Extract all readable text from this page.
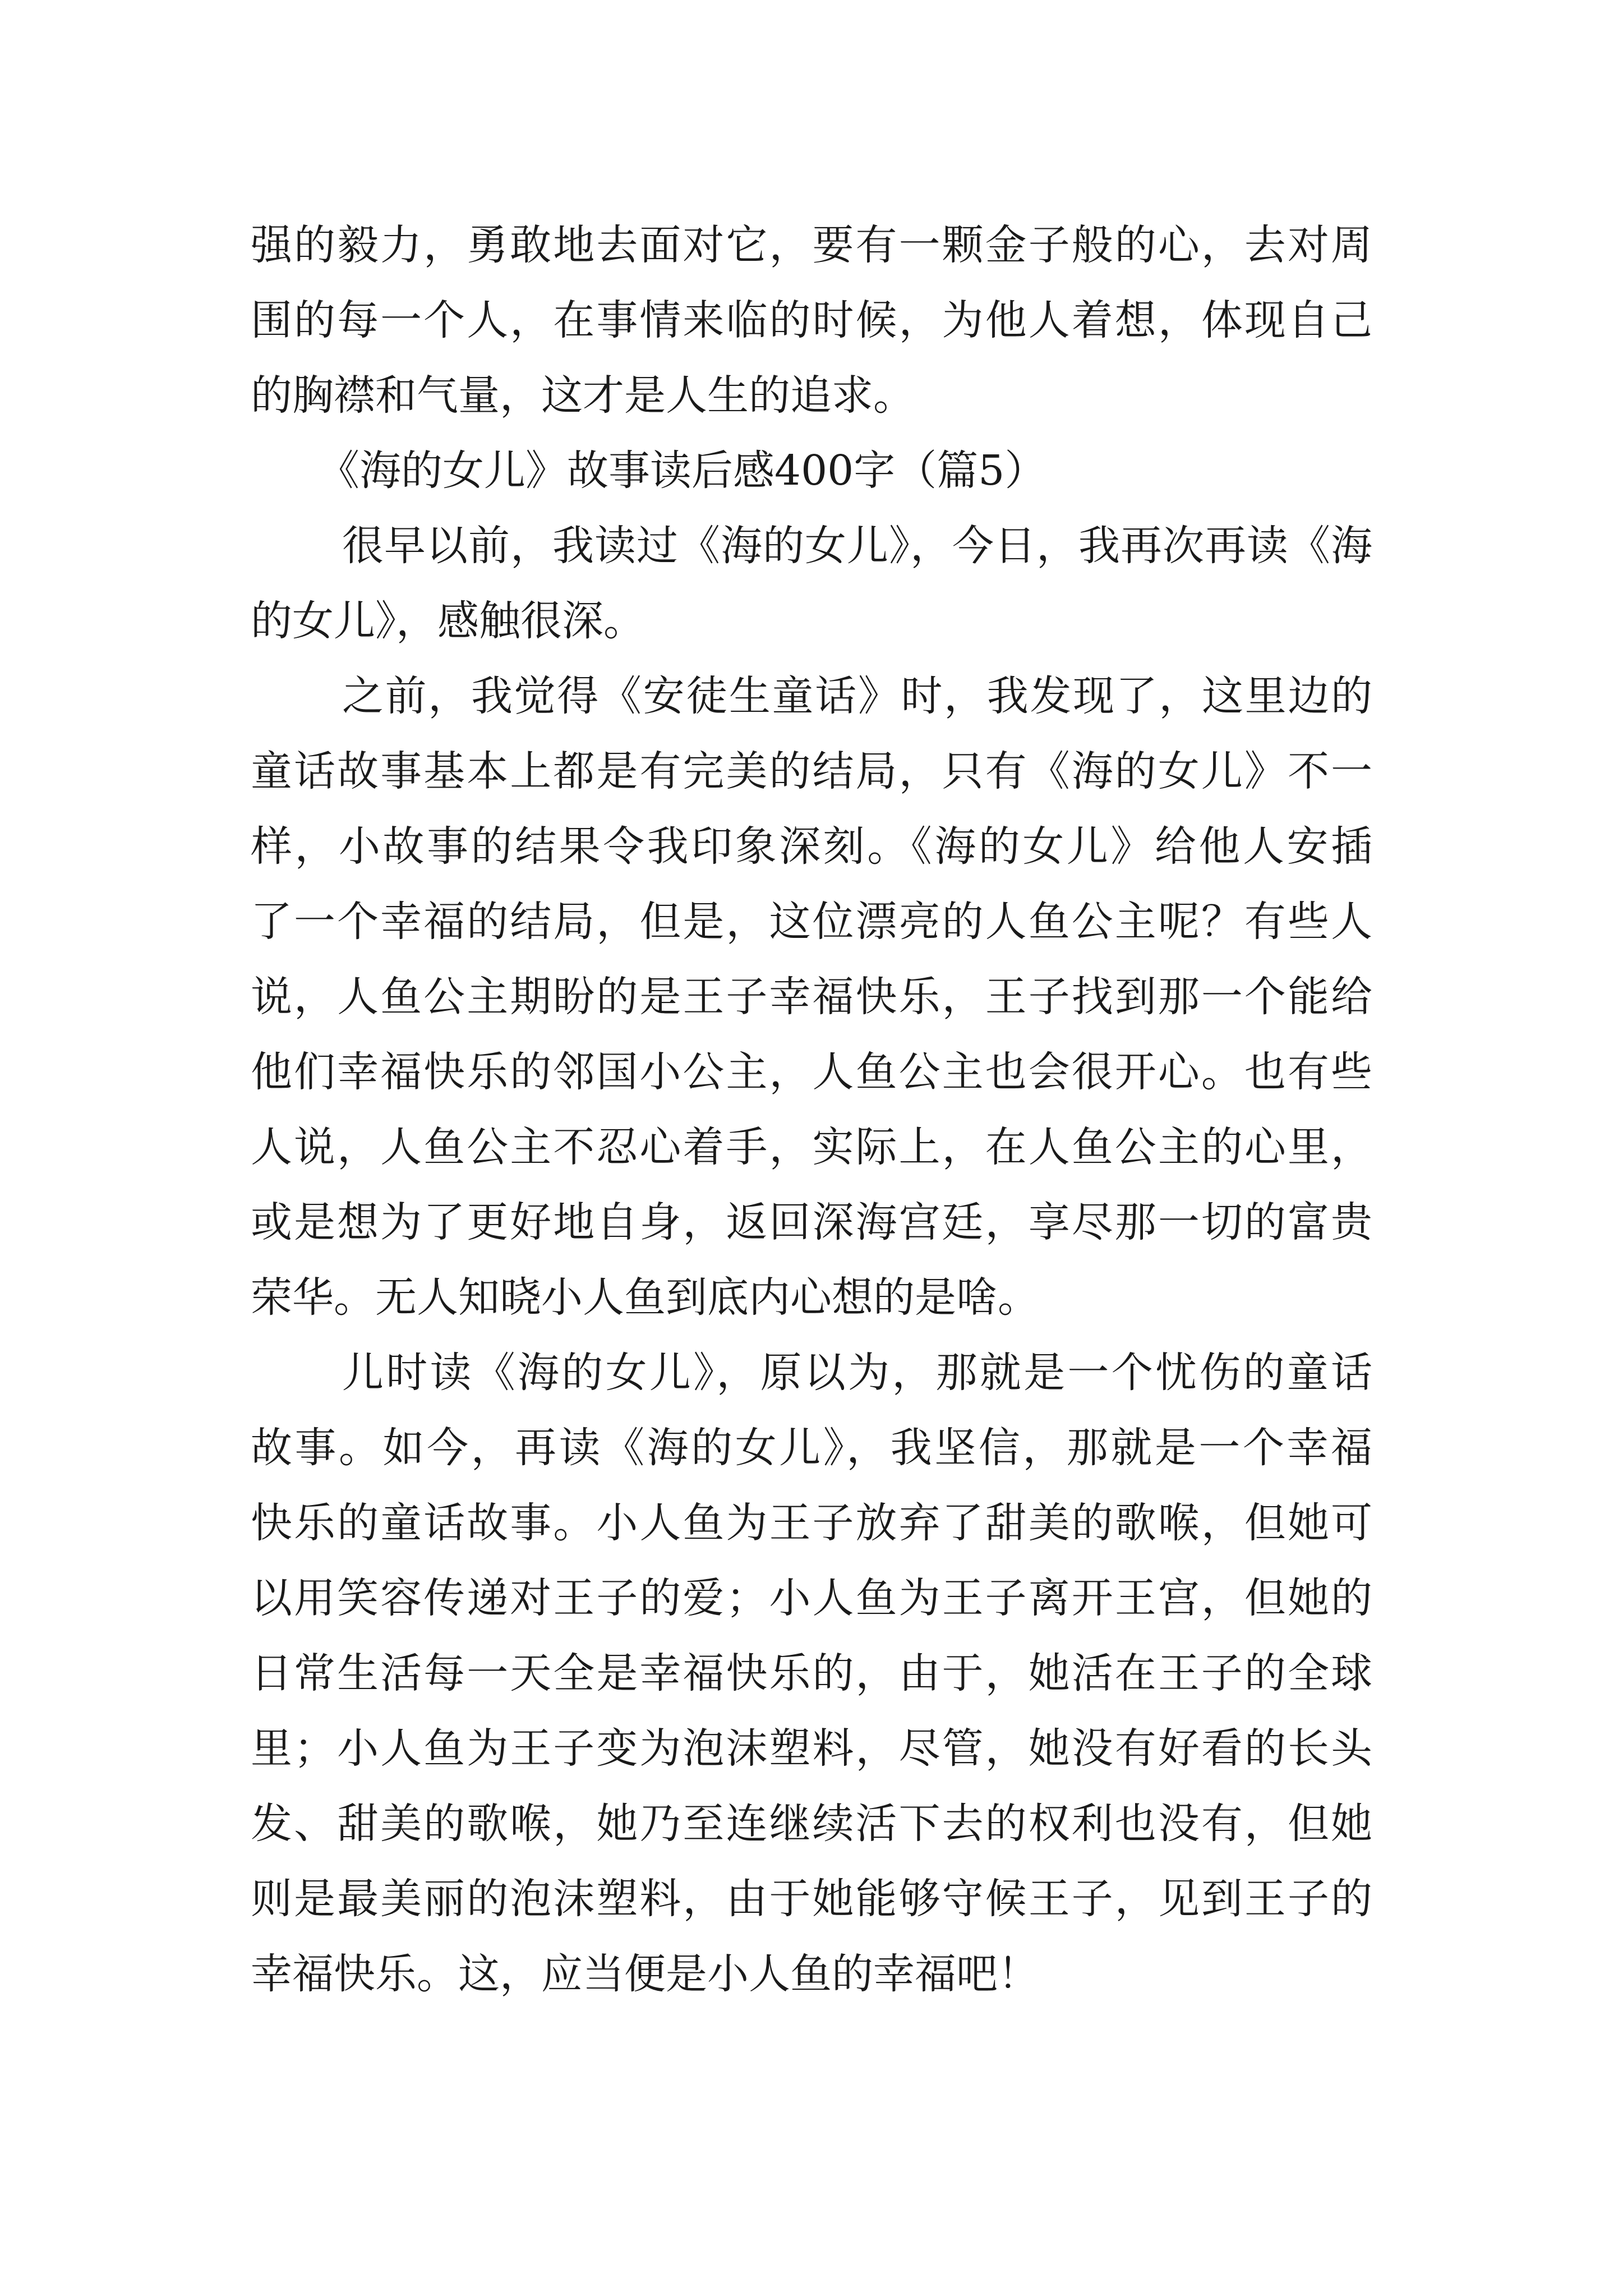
强的毅力，勇敢地去面对它，要有一颗金子般的心，去对周
围的每一个人，在事情来临的时候，为他人着想，体现自己
的胸襟和气量，这才是人生的追求。
《海的女儿》故事读后感400字（篇5）
很早以前，我读过《海的女儿》，今日，我再次再读《海
的女儿》，感触很深。
之前，我觉得《安徒生童话》时，我发现了，这里边的
童话故事基本上都是有完美的结局，只有《海的女儿》不一
样，小故事的结果令我印象深刻。《海的女儿》给他人安插
了一个幸福的结局，但是，这位漂亮的人鱼公主呢？有些人
说，人鱼公主期盼的是王子幸福快乐，王子找到那一个能给
他们幸福快乐的邻国小公主，人鱼公主也会很开心。也有些
人说，人鱼公主不忍心着手，实际上，在人鱼公主的心里，
或是想为了更好地自身，返回深海宫廷，享尽那一切的富贵
荣华。无人知晓小人鱼到底内心想的是啥。
儿时读《海的女儿》，原以为，那就是一个忧伤的童话
故事。如今，再读《海的女儿》，我坚信，那就是一个幸福
快乐的童话故事。小人鱼为王子放弃了甜美的歌喉，但她可
以用笑容传递对王子的爱；小人鱼为王子离开王宫，但她的
日常生活每一天全是幸福快乐的，由于，她活在王子的全球
里；小人鱼为王子变为泡沫塑料，尽管，她没有好看的长头
发、甜美的歌喉，她乃至连继续活下去的权利也没有，但她
则是最美丽的泡沫塑料，由于她能够守候王子，见到王子的
幸福快乐。这，应当便是小人鱼的幸福吧！
